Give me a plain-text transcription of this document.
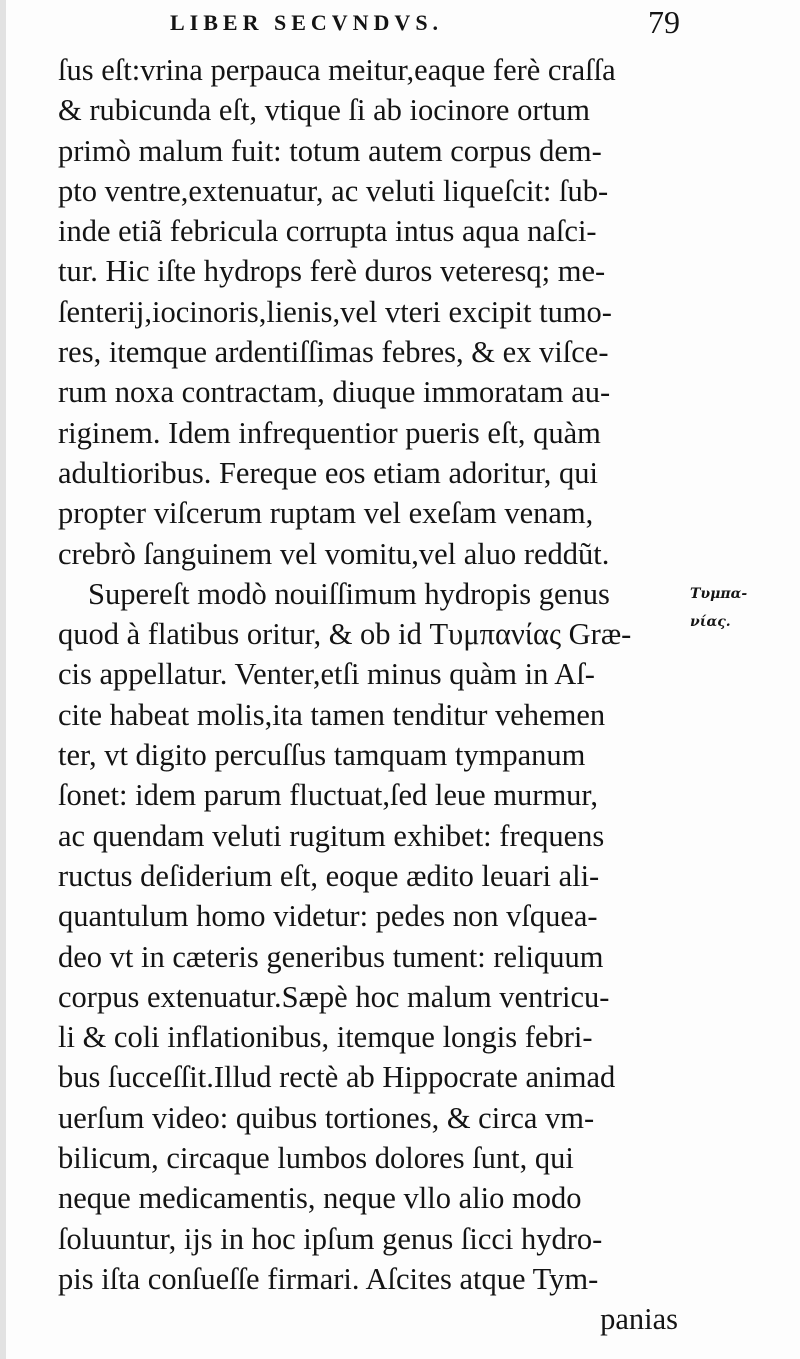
LIBER SECVNDVS.	79
ſus eſt:vrina perpauca meitur,eaque ferè craſſa
& rubicunda eſt, vtique ſi ab iocinore ortum
primò malum fuit: totum autem corpus dem-
pto ventre,extenuatur, ac veluti liqueſcit: ſub-
inde etiã febricula corrupta intus aqua naſci-
tur. Hic iſte hydrops ferè duros veteresq; me-
ſenterij,iocinoris,lienis,vel vteri excipit tumo-
res, itemque ardentiſſimas febres, & ex viſce-
rum noxa contractam, diuque immoratam au-
riginem. Idem infrequentior pueris eſt, quàm
adultioribus. Fereque eos etiam adoritur, qui
propter viſcerum ruptam vel exeſam venam,
crebrò ſanguinem vel vomitu,vel aluo reddũt.
Supereſt modò nouiſſimum hydropis genus
quod à flatibus oritur, & ob id Τυμπανίας Græ-
cis appellatur. Venter,etſi minus quàm in Aſ-
cite habeat molis,ita tamen tenditur vehemen
ter, vt digito percuſſus tamquam tympanum
ſonet: idem parum fluctuat,ſed leue murmur,
ac quendam veluti rugitum exhibet: frequens
ructus deſiderium eſt, eoque ædito leuari ali-
quantulum homo videtur: pedes non vſquea-
deo vt in cæteris generibus tument: reliquum
corpus extenuatur.Sæpè hoc malum ventricu-
li & coli inflationibus, itemque longis febri-
bus ſucceſſit.Illud rectè ab Hippocrate animad
uerſum video: quibus tortiones, & circa vm-
bilicum, circaque lumbos dolores ſunt, qui
neque medicamentis, neque vllo alio modo
ſoluuntur, ijs in hoc ipſum genus ſicci hydro-
pis iſta conſueſſe firmari. Aſcites atque Tym-
panias
Τυμπα-
νίας.
